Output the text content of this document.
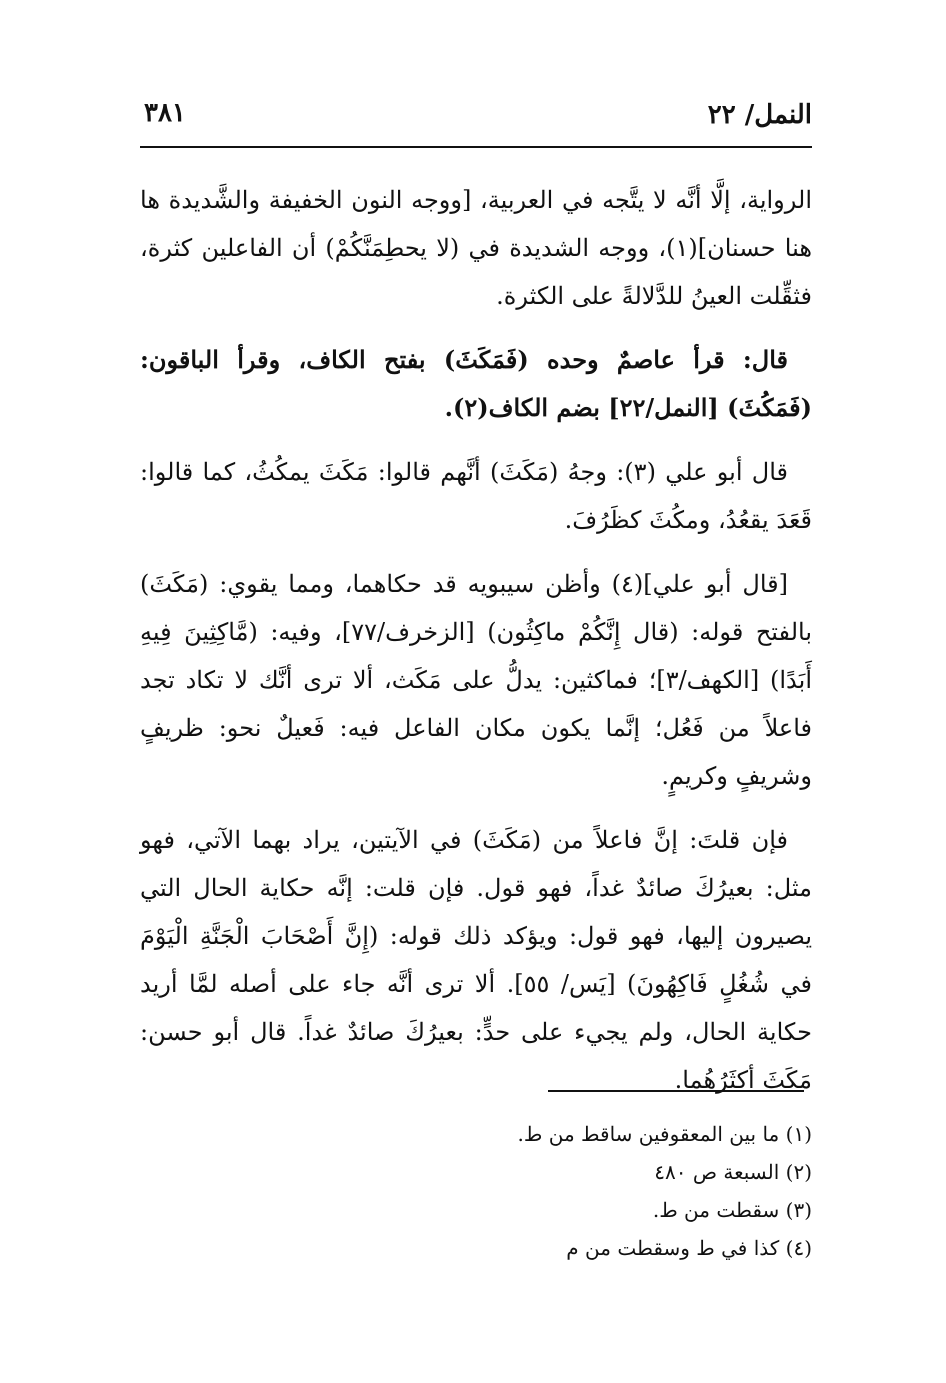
النمل/ ٢٢
٣٨١

الرواية، إلَّا أنَّه لا يتَّجه في العربية، [ووجه النون الخفيفة والشَّديدة ها هنا حسنان](١)، ووجه الشديدة في (لا يحطِمَنَّكُمْ) أن الفاعلين كثرة، فثقِّلت العينُ للدَّلالةً على الكثرة.

قال: قرأ عاصمٌ وحده (فَمَكَثَ) بفتح الكاف، وقرأ الباقون: (فَمَكُثَ) [النمل/٢٢] بضم الكاف(٢).

قال أبو علي (٣): وجهُ (مَكَثَ) أنَّهم قالوا: مَكَثَ يمكُثُ، كما قالوا: قَعَدَ يقعُدُ، ومكُثَ كظَرُفَ.

[قال أبو علي](٤) وأظن سيبويه قد حكاهما، ومما يقوي: (مَكَثَ) بالفتح قوله: (قال إِنَّكُمْ ماكِثُون) [الزخرف/٧٧]، وفيه: (مَّاكِثِينَ فِيهِ أَبَدًا) [الكهف/٣]؛ فماكثين: يدلُّ على مَكَث، ألا ترى أنَّك لا تكاد تجد فاعلاً من فَعُل؛ إنَّما يكون مكان الفاعل فيه: فَعيلٌ نحو: ظريفٍ وشريفٍ وكريمٍ.

فإن قلتَ: إنَّ فاعلاً من (مَكَثَ) في الآيتين، يراد بهما الآتي، فهو مثل: بعيرُكَ صائدٌ غداً، فهو قول. فإن قلت: إنَّه حكاية الحال التي يصيرون إليها، فهو قول: ويؤكد ذلك قوله: (إِنَّ أَصْحَابَ الْجَنَّةِ الْيَوْمَ في شُغُلٍ فَاكِهُونَ) [يَس/ ٥٥]. ألا ترى أنَّه جاء على أصله لمَّا أريد حكاية الحال، ولم يجيء على حدٍّ: بعيرُكَ صائدٌ غداً. قال أبو حسن: مَكَثَ أكثَرُهُما.

(١) ما بين المعقوفين ساقط من ط.

(٢) السبعة ص ٤٨٠

(٣) سقطت من ط.

(٤) كذا في ط وسقطت من م
